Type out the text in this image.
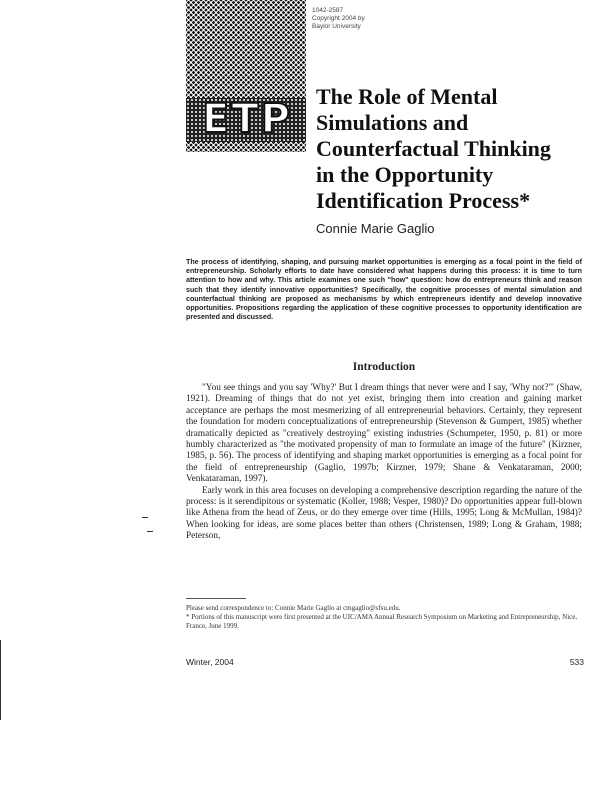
ETP
1042-2587
Copyright 2004 by
Baylor University
The Role of Mental
Simulations and
Counterfactual Thinking
in the Opportunity
Identification Process*
Connie Marie Gaglio
The process of identifying, shaping, and pursuing market opportunities is emerging as a focal point in the field of entrepreneurship. Scholarly efforts to date have considered what happens during this process: it is time to turn attention to how and why. This article examines one such "how" question: how do entrepreneurs think and reason such that they identify innovative opportunities? Specifically, the cognitive processes of mental simulation and counterfactual thinking are proposed as mechanisms by which entrepreneurs identify and develop innovative opportunities. Propositions regarding the application of these cognitive processes to opportunity identification are presented and discussed.
Introduction

"You see things and you say 'Why?' But I dream things that never were and I say, 'Why not?'" (Shaw, 1921). Dreaming of things that do not yet exist, bringing them into creation and gaining market acceptance are perhaps the most mesmerizing of all entrepreneurial behaviors. Certainly, they represent the foundation for modern conceptualizations of entrepreneurship (Stevenson & Gumpert, 1985) whether dramatically depicted as "creatively destroying" existing industries (Schumpeter, 1950, p. 81) or more humbly characterized as "the motivated propensity of man to formulate an image of the future" (Kirzner, 1985, p. 56). The process of identifying and shaping market opportunities is emerging as a focal point for the field of entrepreneurship (Gaglio, 1997b; Kirzner, 1979; Shane & Venkataraman, 2000; Venkataraman, 1997).

Early work in this area focuses on developing a comprehensive description regarding the nature of the process: is it serendipitous or systematic (Koller, 1988; Vesper, 1980)? Do opportunities appear full-blown like Athena from the head of Zeus, or do they emerge over time (Hills, 1995; Long & McMullan, 1984)? When looking for ideas, are some places better than others (Christensen, 1989; Long & Graham, 1988; Peterson,

Please send correspondence to: Connie Marie Gaglio at cmgaglio@sfsu.edu.

* Portions of this manuscript were first presented at the UIC/AMA Annual Research Symposium on Marketing and Entrepreneurship, Nice, France, June 1999.

Winter, 2004	533
